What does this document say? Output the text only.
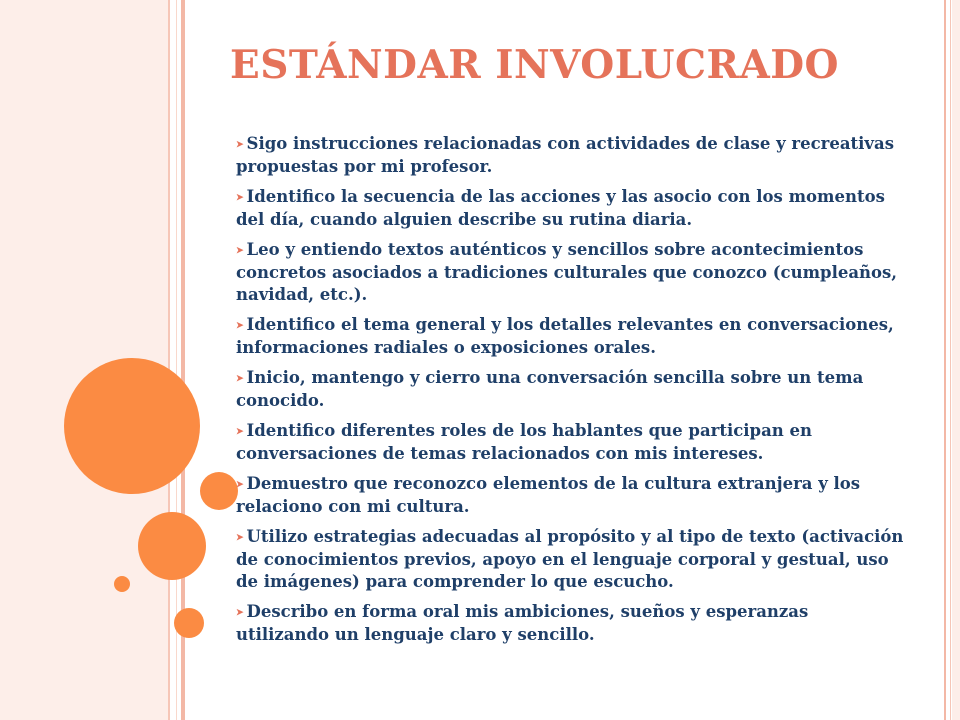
ESTÁNDAR INVOLUCRADO
➤ Sigo instrucciones relacionadas con actividades de clase y recreativas propuestas por mi profesor.
➤ Identifico la secuencia de las acciones y las asocio con los momentos del día, cuando alguien describe su rutina diaria.
➤ Leo y entiendo textos auténticos y sencillos sobre acontecimientos concretos asociados a tradiciones culturales que conozco (cumpleaños, navidad, etc.).
➤ Identifico el tema general y los detalles relevantes en conversaciones, informaciones radiales o exposiciones orales.
➤ Inicio, mantengo y cierro una conversación sencilla sobre un tema conocido.
➤ Identifico diferentes roles de los hablantes que participan en conversaciones de temas relacionados con mis intereses.
➤ Demuestro que reconozco elementos de la cultura extranjera y los relaciono con mi cultura.
➤ Utilizo estrategias adecuadas al propósito y al tipo de texto (activación de conocimientos previos, apoyo en el lenguaje corporal y gestual, uso de imágenes) para comprender lo que escucho.
➤ Describo en forma oral mis ambiciones, sueños y esperanzas utilizando un lenguaje claro y sencillo.
